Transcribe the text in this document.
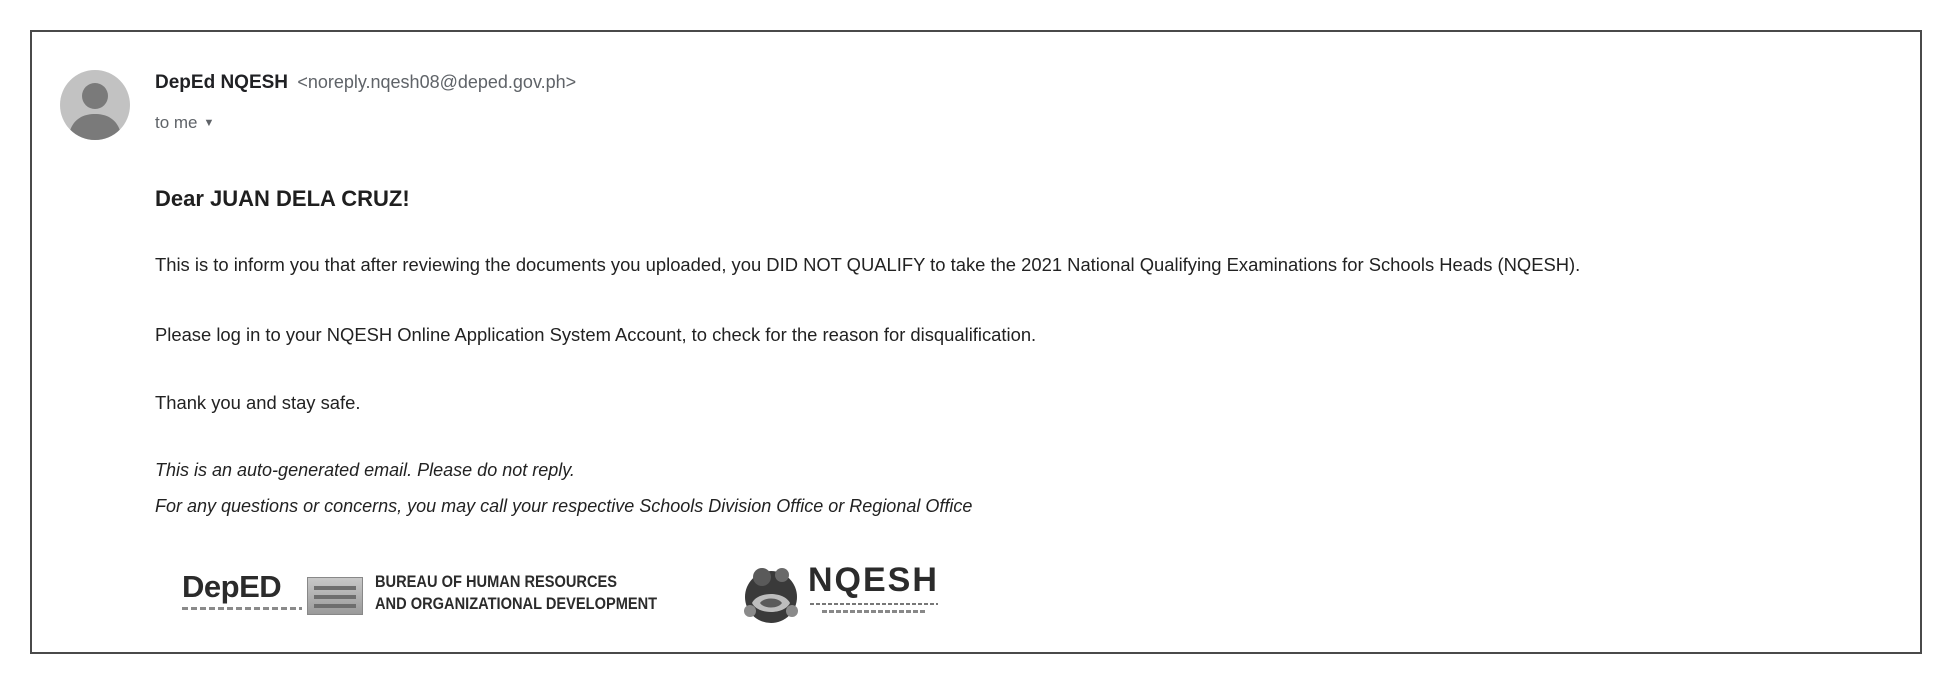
DepEd NQESH <noreply.nqesh08@deped.gov.ph>
to me ▼
Dear JUAN DELA CRUZ!
This is to inform you that after reviewing the documents you uploaded, you DID NOT QUALIFY to take the 2021 National Qualifying Examinations for Schools Heads (NQESH).
Please log in to your NQESH Online Application System Account, to check for the reason for disqualification.
Thank you and stay safe.
This is an auto-generated email. Please do not reply.
For any questions or concerns, you may call your respective Schools Division Office or Regional Office
DepED	BUREAU OF HUMAN RESOURCES
AND ORGANIZATIONAL DEVELOPMENT
NQESH
